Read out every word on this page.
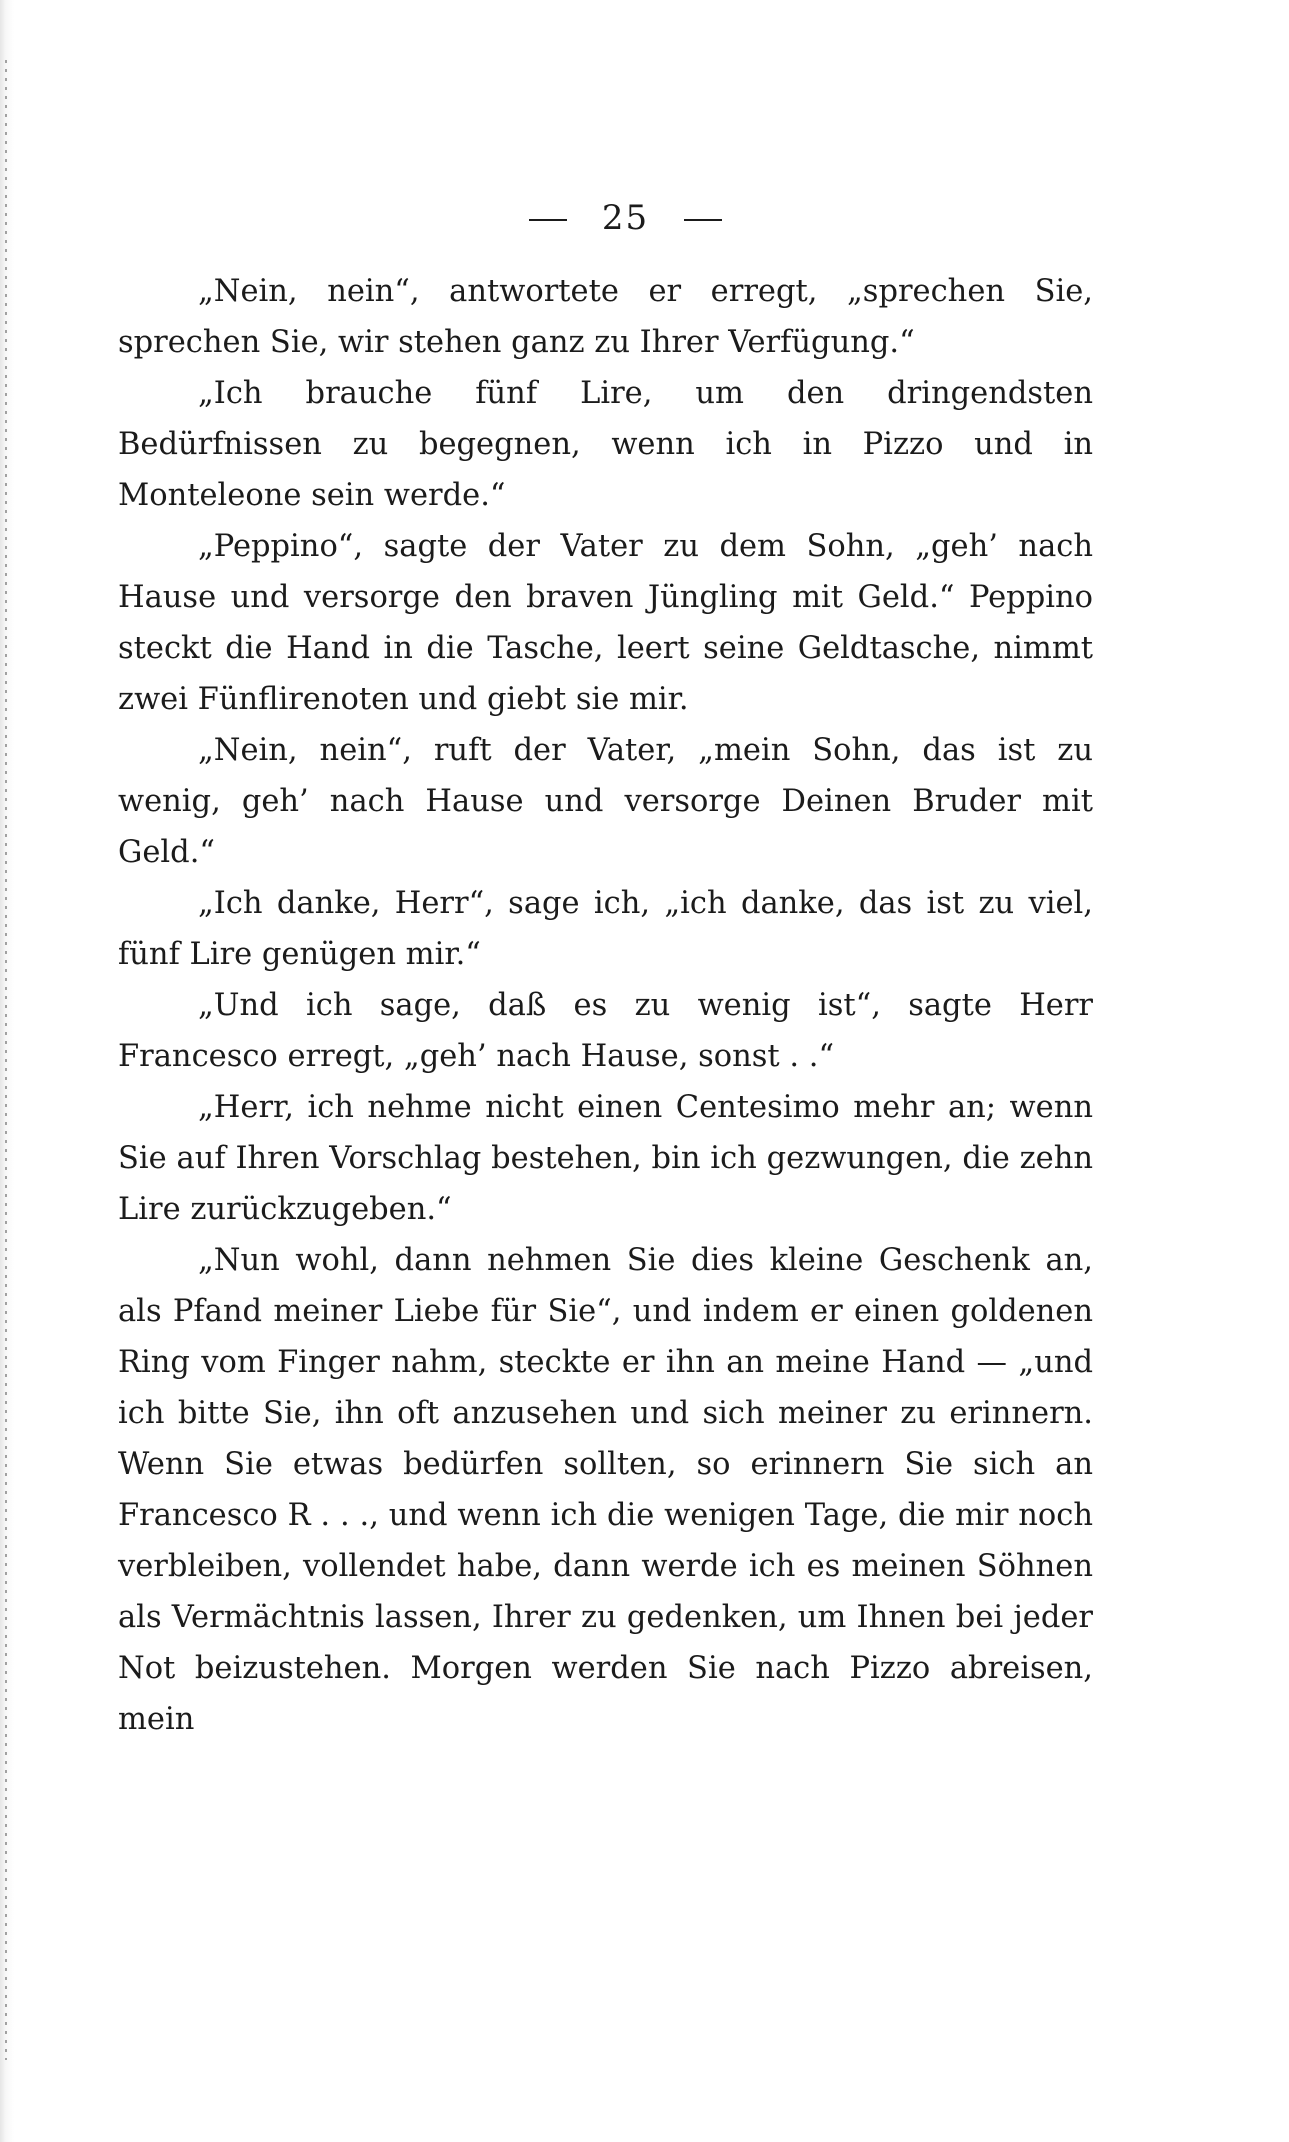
25

„Nein, nein“, antwortete er erregt, „sprechen Sie, sprechen Sie, wir stehen ganz zu Ihrer Verfügung.“

„Ich brauche fünf Lire, um den dringendsten Bedürfnissen zu begegnen, wenn ich in Pizzo und in Monteleone sein werde.“

„Peppino“, sagte der Vater zu dem Sohn, „geh’ nach Hause und versorge den braven Jüngling mit Geld.“ Peppino steckt die Hand in die Tasche, leert seine Geldtasche, nimmt zwei Fünflirenoten und giebt sie mir.

„Nein, nein“, ruft der Vater, „mein Sohn, das ist zu wenig, geh’ nach Hause und versorge Deinen Bruder mit Geld.“

„Ich danke, Herr“, sage ich, „ich danke, das ist zu viel, fünf Lire genügen mir.“

„Und ich sage, daß es zu wenig ist“, sagte Herr Francesco erregt, „geh’ nach Hause, sonst . .“

„Herr, ich nehme nicht einen Centesimo mehr an; wenn Sie auf Ihren Vorschlag bestehen, bin ich gezwungen, die zehn Lire zurückzugeben.“

„Nun wohl, dann nehmen Sie dies kleine Geschenk an, als Pfand meiner Liebe für Sie“, und indem er einen goldenen Ring vom Finger nahm, steckte er ihn an meine Hand — „und ich bitte Sie, ihn oft anzusehen und sich meiner zu erinnern. Wenn Sie etwas bedürfen sollten, so erinnern Sie sich an Francesco R . . ., und wenn ich die wenigen Tage, die mir noch verbleiben, vollendet habe, dann werde ich es meinen Söhnen als Vermächtnis lassen, Ihrer zu gedenken, um Ihnen bei jeder Not beizustehen. Morgen werden Sie nach Pizzo abreisen, mein
